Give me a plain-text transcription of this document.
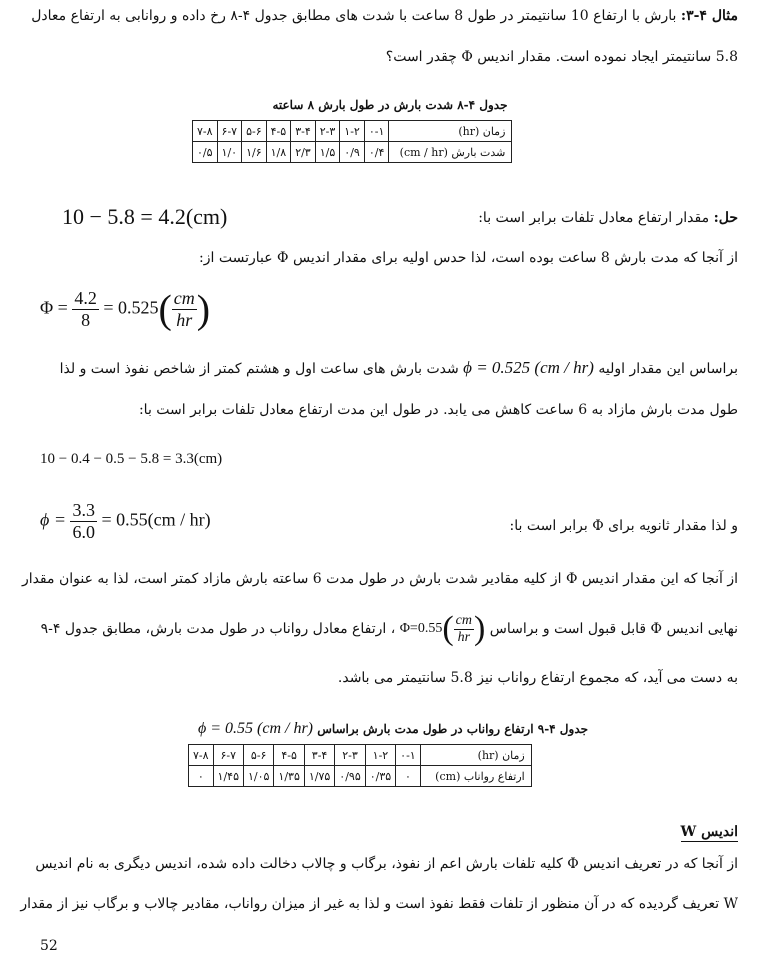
مثال ۴-۳: بارش با ارتفاع 10 سانتیمتر در طول 8 ساعت با شدت های مطابق جدول ۴-۸ رخ داده و روانابی به ارتفاع معادل
5.8 سانتیمتر ایجاد نموده است. مقدار اندیس Φ چقدر است؟
جدول ۴-۸ شدت بارش در طول بارش ۸ ساعته
زمان (hr)	۰-۱	۱-۲	۲-۳	۳-۴	۴-۵	۵-۶	۶-۷	۷-۸
شدت بارش (cm / hr)	۰/۴	۰/۹	۱/۵	۲/۳	۱/۸	۱/۶	۱/۰	۰/۵
حل: مقدار ارتفاع معادل تلفات برابر است با:
10 − 5.8 = 4.2(cm)
از آنجا که مدت بارش 8 ساعت بوده است، لذا حدس اولیه برای مقدار اندیس Φ عبارتست از:
$\Phi = \frac{4.2}{8} = 0.525( \frac{cm}{hr}$ )
براساس این مقدار اولیه ϕ = 0.525 (cm / hr) شدت بارش های ساعت اول و هشتم کمتر از شاخص نفوذ است و لذا
طول مدت بارش مازاد به 6 ساعت کاهش می یابد. در طول این مدت ارتفاع معادل تلفات برابر است با:
10 − 0.4 − 0.5 − 5.8 = 3.3(cm)
$\phi = \frac{3.3}{6.0} = 0.55(cm / hr)$	و لذا مقدار ثانویه برای Φ برابر است با:
از آنجا که این مقدار اندیس Φ از کلیه مقادیر شدت بارش در طول مدت 6 ساعته بارش مازاد کمتر است، لذا به عنوان مقدار
نهایی اندیس Φ قابل قبول است و براساس $\Phi=0.55( \frac{cm}{hr}$ ) ، ارتفاع معادل رواناب در طول مدت بارش، مطابق جدول ۴-۹
به دست می آید، که مجموع ارتفاع رواناب نیز 5.8 سانتیمتر می باشد.
جدول ۴-۹ ارتفاع رواناب در طول مدت بارش براساس ϕ = 0.55 (cm / hr)
زمان (hr)	۰-۱	۱-۲	۲-۳	۳-۴	۴-۵	۵-۶	۶-۷	۷-۸
ارتفاع رواناب (cm)	۰	۰/۳۵	۰/۹۵	۱/۷۵	۱/۳۵	۱/۰۵	۱/۴۵	۰
اندیس W
از آنجا که در تعریف اندیس Φ کلیه تلفات بارش اعم از نفوذ، برگاب و چالاب دخالت داده شده، اندیس دیگری به نام اندیس
W تعریف گردیده که در آن منظور از تلفات فقط نفوذ است و لذا به غیر از میزان رواناب، مقادیر چالاب و برگاب نیز از مقدار
52
